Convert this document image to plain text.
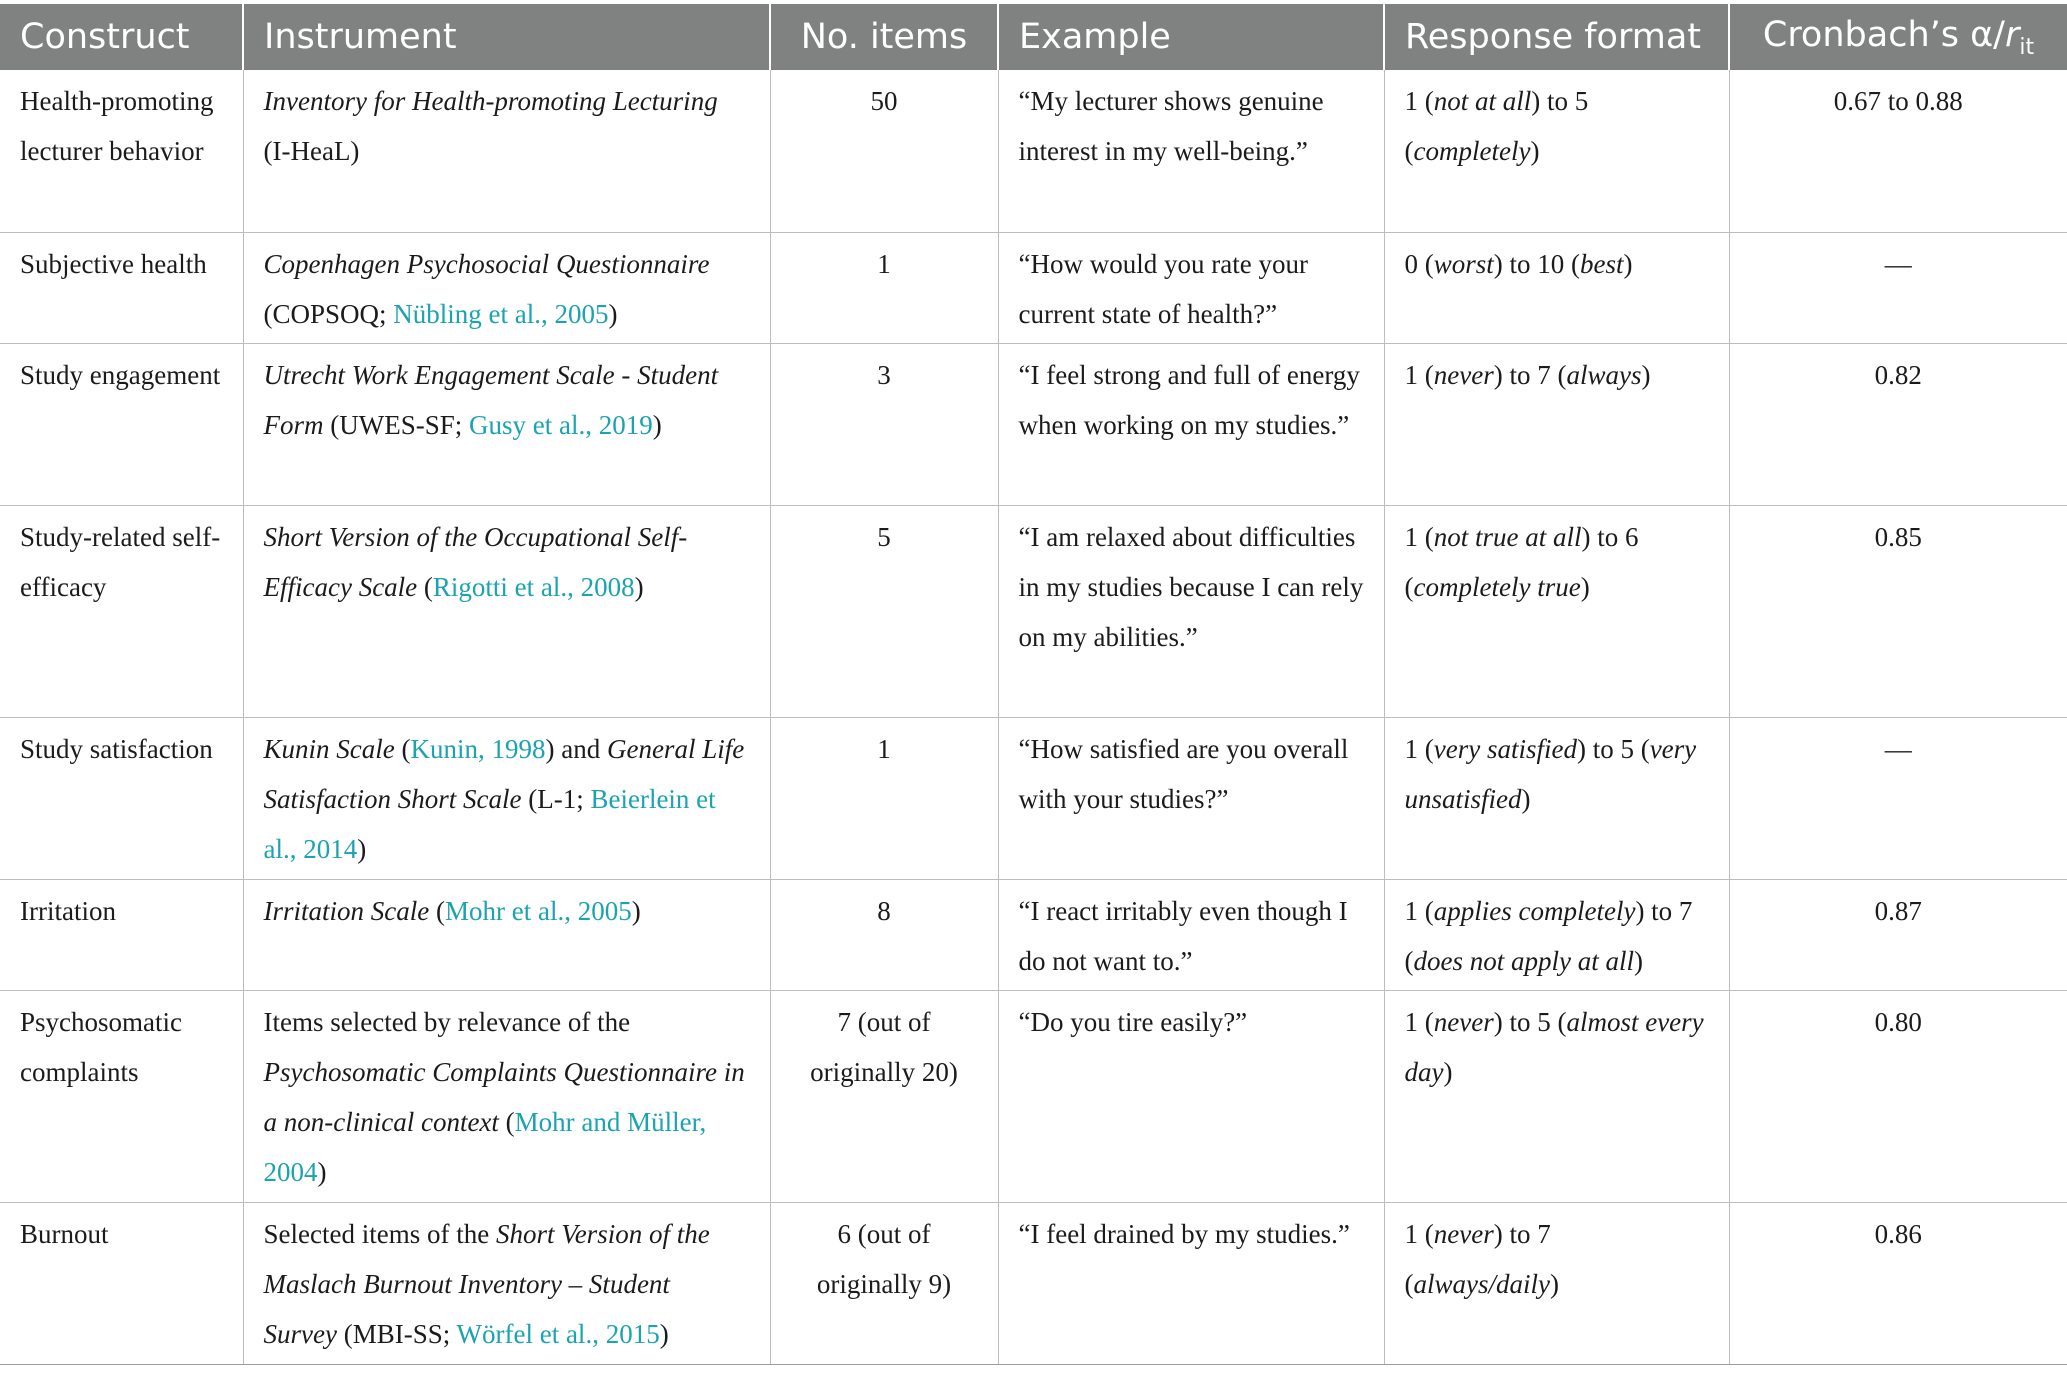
Construct	Instrument	No. items	Example	Response format	Cronbach’s $\alpha/r_{it}$
Health-promoting lecturer behavior	Inventory for Health-promoting Lecturing (I-HeaL)	50	“My lecturer shows genuine interest in my well-being.”	1 (not at all) to 5 (completely)	0.67 to 0.88
Subjective health	Copenhagen Psychosocial Questionnaire (COPSOQ; Nübling et al., 2005)	1	“How would you rate your current state of health?”	0 (worst) to 10 (best)	—
Study engagement	Utrecht Work Engagement Scale - Student Form (UWES-SF; Gusy et al., 2019)	3	“I feel strong and full of energy when working on my studies.”	1 (never) to 7 (always)	0.82
Study-related self-efficacy	Short Version of the Occupational Self-Efficacy Scale (Rigotti et al., 2008)	5	“I am relaxed about difficulties in my studies because I can rely on my abilities.”	1 (not true at all) to 6 (completely true)	0.85
Study satisfaction	Kunin Scale (Kunin, 1998) and General Life Satisfaction Short Scale (L-1; Beierlein et al., 2014)	1	“How satisfied are you overall with your studies?”	1 (very satisfied) to 5 (very unsatisfied)	—
Irritation	Irritation Scale (Mohr et al., 2005)	8	“I react irritably even though I do not want to.”	1 (applies completely) to 7 (does not apply at all)	0.87
Psychosomatic complaints	Items selected by relevance of the Psychosomatic Complaints Questionnaire in a non-clinical context (Mohr and Müller, 2004)	7 (out of originally 20)	“Do you tire easily?”	1 (never) to 5 (almost every day)	0.80
Burnout	Selected items of the Short Version of the Maslach Burnout Inventory – Student Survey (MBI-SS; Wörfel et al., 2015)	6 (out of originally 9)	“I feel drained by my studies.”	1 (never) to 7 (always/daily)	0.86
